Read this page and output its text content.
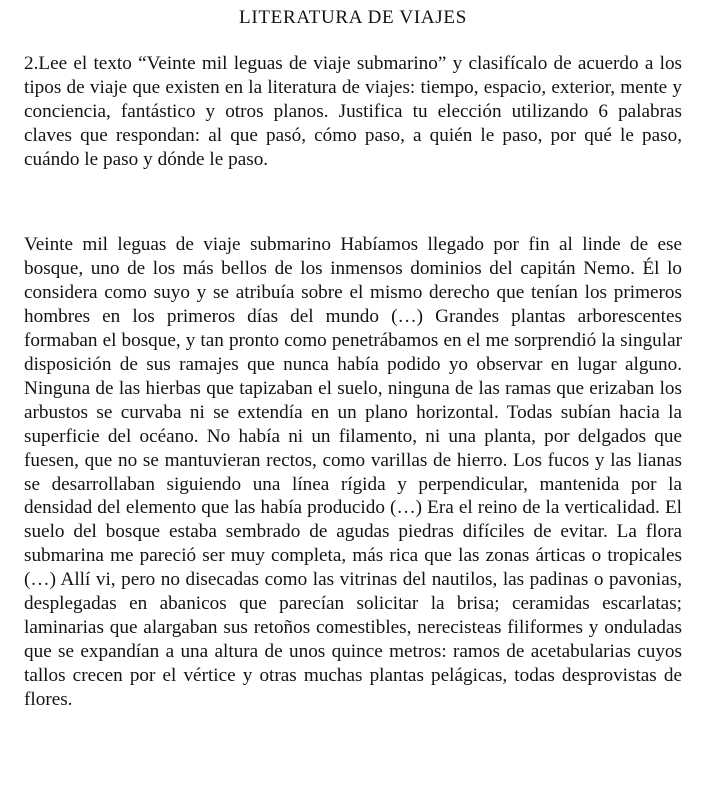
LITERATURA DE VIAJES

2.Lee el texto “Veinte mil leguas de viaje submarino” y clasifícalo de acuerdo a los tipos de viaje que existen en la literatura de viajes: tiempo, espacio, exterior, mente y conciencia, fantástico y otros planos. Justifica tu elección utilizando 6 palabras claves que respondan: al que pasó, cómo paso, a quién le paso, por qué le paso, cuándo le paso y dónde le paso.

Veinte mil leguas de viaje submarino Habíamos llegado por fin al linde de ese bosque, uno de los más bellos de los inmensos dominios del capitán Nemo. Él lo considera como suyo y se atribuía sobre el mismo derecho que tenían los primeros hombres en los primeros días del mundo (…) Grandes plantas arborescentes formaban el bosque, y tan pronto como penetrábamos en el me sorprendió la singular disposición de sus ramajes que nunca había podido yo observar en lugar alguno. Ninguna de las hierbas que tapizaban el suelo, ninguna de las ramas que erizaban los arbustos se curvaba ni se extendía en un plano horizontal. Todas subían hacia la superficie del océano. No había ni un filamento, ni una planta, por delgados que fuesen, que no se mantuvieran rectos, como varillas de hierro. Los fucos y las lianas se desarrollaban siguiendo una línea rígida y perpendicular, mantenida por la densidad del elemento que las había producido (…) Era el reino de la verticalidad. El suelo del bosque estaba sembrado de agudas piedras difíciles de evitar. La flora submarina me pareció ser muy completa, más rica que las zonas árticas o tropicales (…) Allí vi, pero no disecadas como las vitrinas del nautilos, las padinas o pavonias, desplegadas en abanicos que parecían solicitar la brisa; ceramidas escarlatas; laminarias que alargaban sus retoños comestibles, nerecisteas filiformes y onduladas que se expandían a una altura de unos quince metros: ramos de acetabularias cuyos tallos crecen por el vértice y otras muchas plantas pelágicas, todas desprovistas de flores.
